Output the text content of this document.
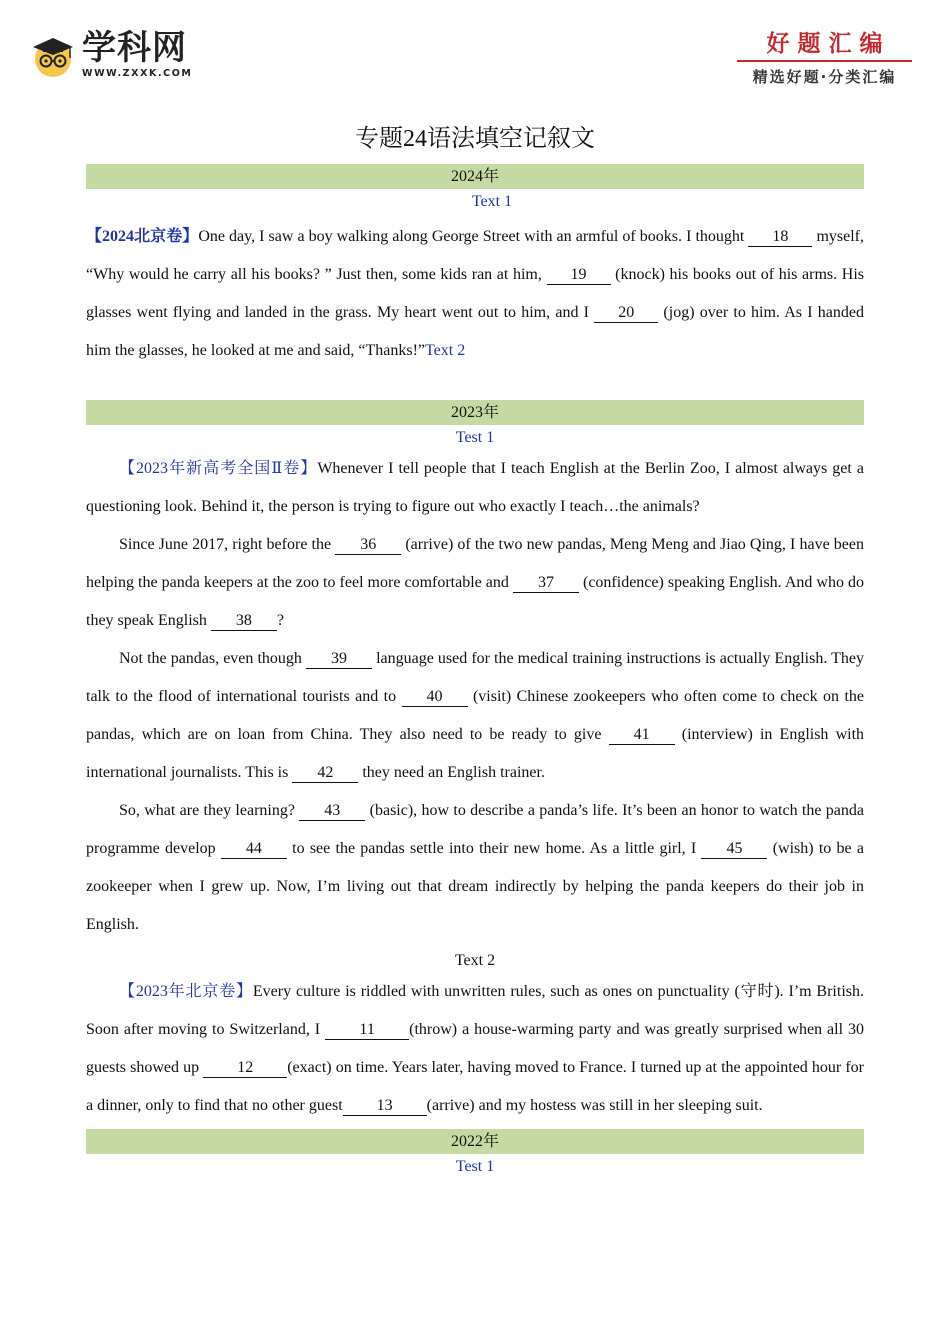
学科网
WWW.ZXXK.COM
好题汇编
精选好题·分类汇编
专题24语法填空记叙文
2024年
Text 1

【2024北京卷】One day, I saw a boy walking along George Street with an armful of books. I thought 18 myself, “Why would he carry all his books? ” Just then, some kids ran at him, 19 (knock) his books out of his arms. His glasses went flying and landed in the grass. My heart went out to him, and I 20 (jog) over to him. As I handed him the glasses, he looked at me and said, “Thanks!”Text 2

2023年
Test 1

【2023年新高考全国Ⅱ卷】Whenever I tell people that I teach English at the Berlin Zoo, I almost always get a questioning look. Behind it, the person is trying to figure out who exactly I teach…the animals?

Since June 2017, right before the 36 (arrive) of the two new pandas, Meng Meng and Jiao Qing, I have been helping the panda keepers at the zoo to feel more comfortable and 37 (confidence) speaking English. And who do they speak English 38 ?

Not the pandas, even though 39 language used for the medical training instructions is actually English. They talk to the flood of international tourists and to 40 (visit) Chinese zookeepers who often come to check on the pandas, which are on loan from China. They also need to be ready to give 41 (interview) in English with international journalists. This is 42 they need an English trainer.

So, what are they learning? 43 (basic), how to describe a panda’s life. It’s been an honor to watch the panda programme develop 44 to see the pandas settle into their new home. As a little girl, I 45 (wish) to be a zookeeper when I grew up. Now, I’m living out that dream indirectly by helping the panda keepers do their job in English.

Text 2

【2023年北京卷】Every culture is riddled with unwritten rules, such as ones on punctuality (守时). I’m British. Soon after moving to Switzerland, I 11 (throw) a house-warming party and was greatly surprised when all 30 guests showed up 12 (exact) on time. Years later, having moved to France. I turned up at the appointed hour for a dinner, only to find that no other guest 13 (arrive) and my hostess was still in her sleeping suit.

2022年
Test 1
